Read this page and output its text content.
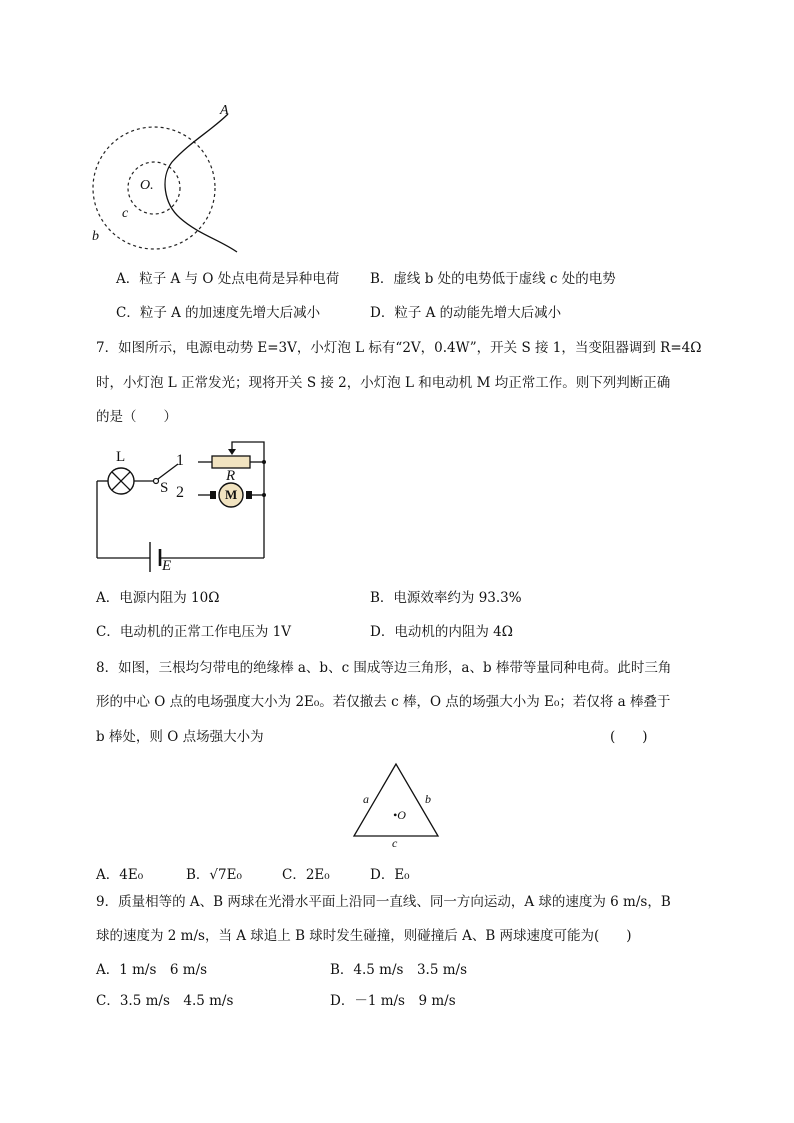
A
O.
c
b
A．粒子 A 与 O 处点电荷是异种电荷 B．虚线 b 处的电势低于虚线 c 处的电势
C．粒子 A 的加速度先增大后减小	D．粒子 A 的动能先增大后减小
7．如图所示，电源电动势 E=3V，小灯泡 L 标有“2V，0.4W”，开关 S 接 1，当变阻器调到 R=4Ω
时，小灯泡 L 正常发光；现将开关 S 接 2，小灯泡 L 和电动机 M 均正常工作。则下列判断正确
的是（　　）
L
S
1
2
R
M
E
A．电源内阻为 10Ω	B．电源效率约为 93.3%
C．电动机的正常工作电压为 1V	D．电动机的内阻为 4Ω
8．如图，三根均匀带电的绝缘棒 a、b、c 围成等边三角形，a、b 棒带等量同种电荷。此时三角
形的中心 O 点的电场强度大小为 2E₀。若仅撤去 c 棒，O 点的场强大小为 E₀；若仅将 a 棒叠于
b 棒处，则 O 点场强大小为	(　　)
a	b
•O
c
A．4E₀	B．√7E₀	C．2E₀	D．E₀
9．质量相等的 A、B 两球在光滑水平面上沿同一直线、同一方向运动，A 球的速度为 6 m/s，B
球的速度为 2 m/s，当 A 球追上 B 球时发生碰撞，则碰撞后 A、B 两球速度可能为(　　)
A．1 m/s　6 m/s	B．4.5 m/s　3.5 m/s
C．3.5 m/s　4.5 m/s	D．－1 m/s　9 m/s
